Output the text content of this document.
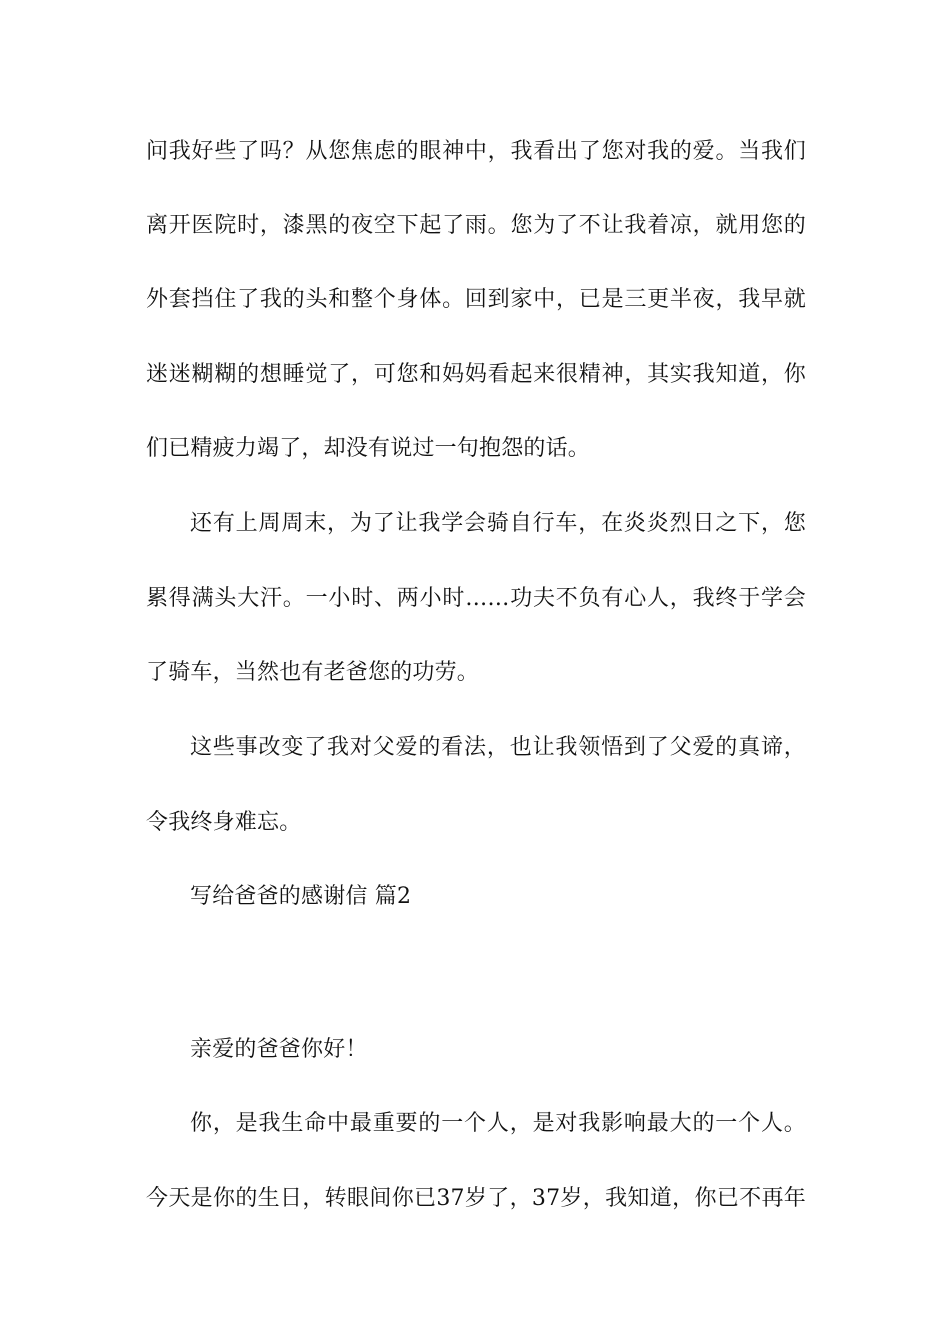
问我好些了吗？从您焦虑的眼神中，我看出了您对我的爱。当我们
离开医院时，漆黑的夜空下起了雨。您为了不让我着凉，就用您的
外套挡住了我的头和整个身体。回到家中，已是三更半夜，我早就
迷迷糊糊的想睡觉了，可您和妈妈看起来很精神，其实我知道，你
们已精疲力竭了，却没有说过一句抱怨的话。
还有上周周末，为了让我学会骑自行车，在炎炎烈日之下，您
累得满头大汗。一小时、两小时……功夫不负有心人，我终于学会
了骑车，当然也有老爸您的功劳。
这些事改变了我对父爱的看法，也让我领悟到了父爱的真谛，
令我终身难忘。
写给爸爸的感谢信 篇2
亲爱的爸爸你好！
你，是我生命中最重要的一个人，是对我影响最大的一个人。
今天是你的生日，转眼间你已37岁了，37岁，我知道，你已不再年
